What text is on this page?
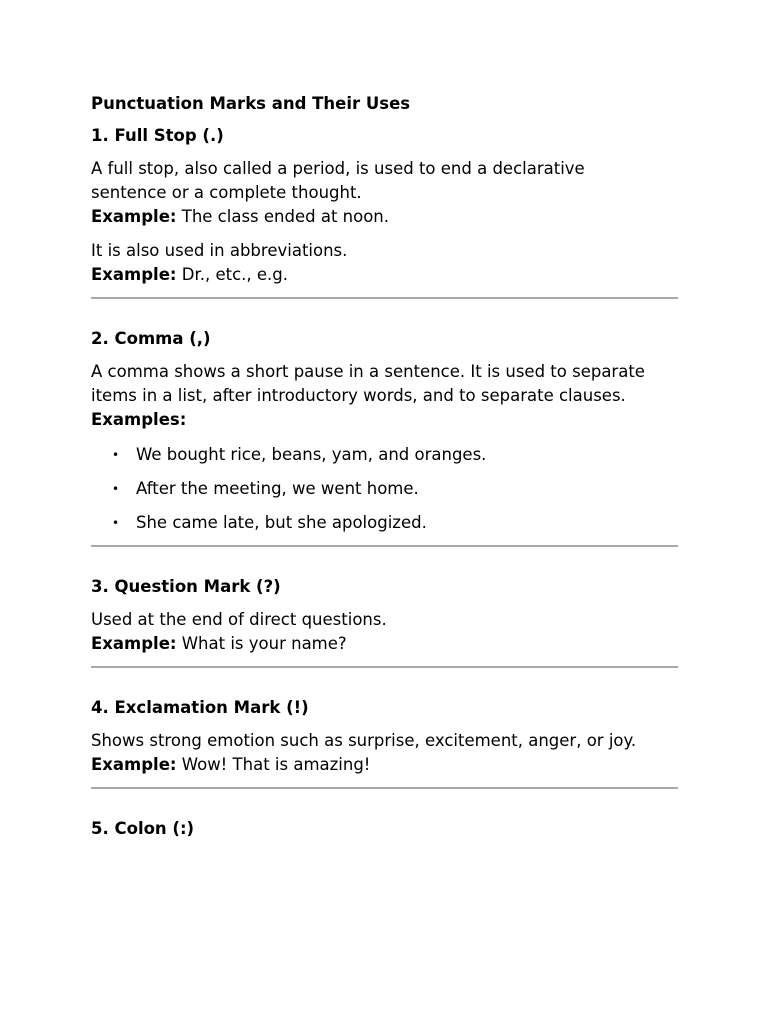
Punctuation Marks and Their Uses
1. Full Stop (.)

A full stop, also called a period, is used to end a declarative sentence or a complete thought.
Example: The class ended at noon.

It is also used in abbreviations.
Example: Dr., etc., e.g.

2. Comma (,)

A comma shows a short pause in a sentence. It is used to separate items in a list, after introductory words, and to separate clauses.
Examples:

• We bought rice, beans, yam, and oranges.
• After the meeting, we went home.
• She came late, but she apologized.
3. Question Mark (?)

Used at the end of direct questions.
Example: What is your name?

4. Exclamation Mark (!)

Shows strong emotion such as surprise, excitement, anger, or joy.
Example: Wow! That is amazing!

5. Colon (:)
